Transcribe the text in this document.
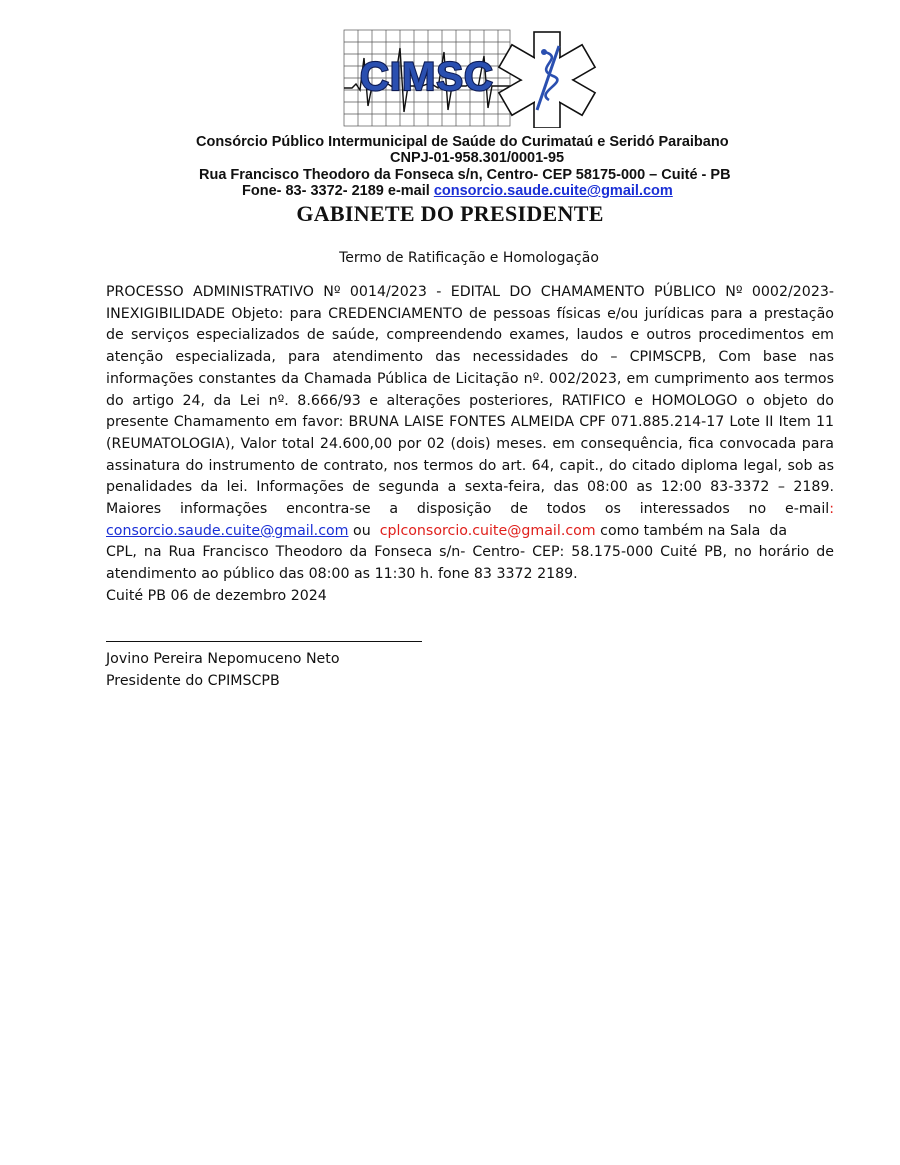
CIMSC
Consórcio Público Intermunicipal de Saúde do Curimataú e Seridó Paraibano
CNPJ-01-958.301/0001-95
Rua Francisco Theodoro da Fonseca s/n, Centro- CEP 58175-000 – Cuité - PB
Fone- 83- 3372- 2189 e-mail consorcio.saude.cuite@gmail.com
GABINETE DO PRESIDENTE
Termo de Ratificação e Homologação
PROCESSO ADMINISTRATIVO Nº 0014/2023 - EDITAL DO CHAMAMENTO PÚBLICO Nº 0002/2023-
INEXIGIBILIDADE Objeto: para CREDENCIAMENTO de pessoas físicas e/ou jurídicas para a prestação
de serviços especializados de saúde, compreendendo exames, laudos e outros procedimentos em
atenção especializada, para atendimento das necessidades do – CPIMSCPB, Com base nas
informações constantes da Chamada Pública de Licitação nº. 002/2023, em cumprimento aos termos
do artigo 24, da Lei nº. 8.666/93 e alterações posteriores, RATIFICO e HOMOLOGO o objeto do
presente Chamamento em favor: BRUNA LAISE FONTES ALMEIDA CPF 071.885.214-17 Lote II Item 11
(REUMATOLOGIA), Valor total 24.600,00 por 02 (dois) meses. em consequência, fica convocada para
assinatura do instrumento de contrato, nos termos do art. 64, capit., do citado diploma legal, sob as
penalidades da lei. Informações de segunda a sexta-feira, das 08:00 as 12:00 83-3372 – 2189.
Maiores informações encontra-se a disposição de todos os interessados no e-mail:
consorcio.saude.cuite@gmail.com ou  cplconsorcio.cuite@gmail.com como também na Sala  da
CPL, na Rua Francisco Theodoro da Fonseca s/n- Centro- CEP: 58.175-000 Cuité PB, no horário de
atendimento ao público das 08:00 as 11:30 h. fone 83 3372 2189.
Cuité PB 06 de dezembro 2024
Jovino Pereira Nepomuceno Neto
Presidente do CPIMSCPB
